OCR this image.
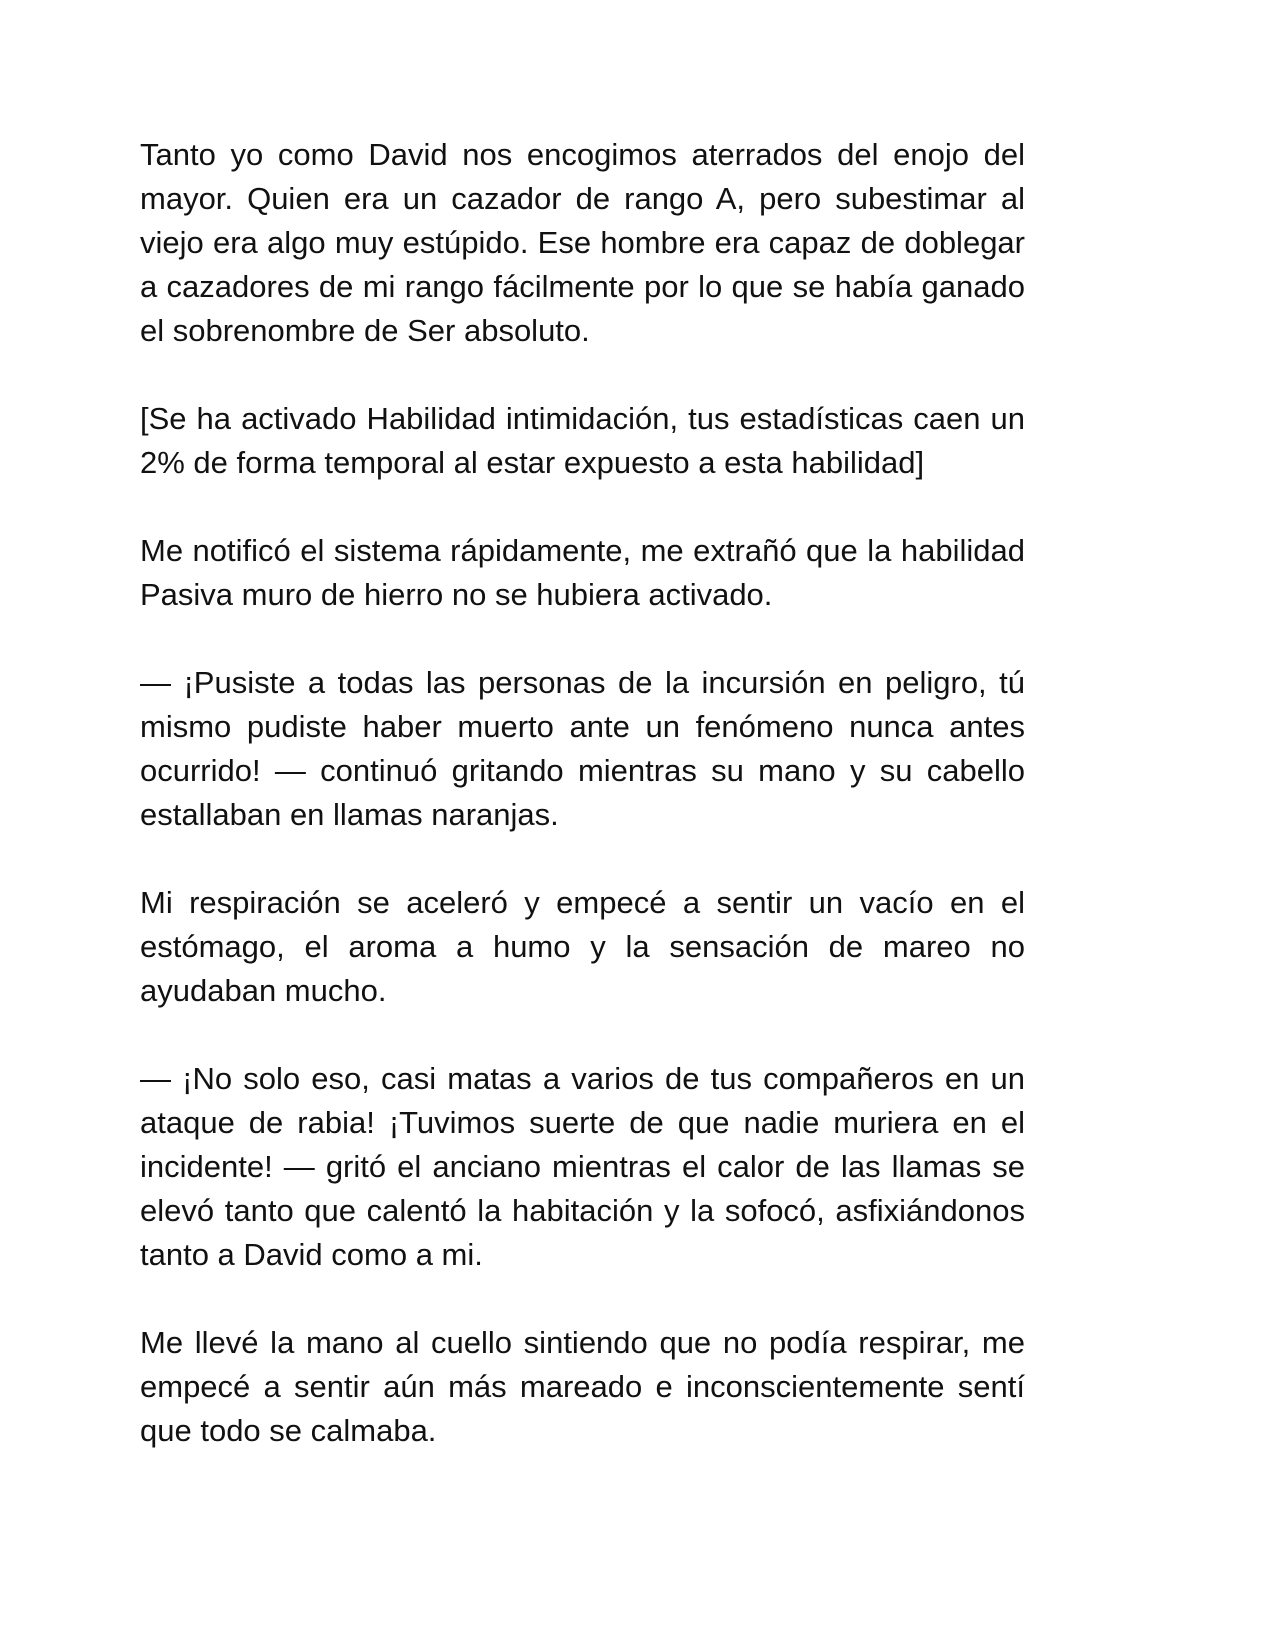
Tanto yo como David nos encogimos aterrados del enojo del mayor. Quien era un cazador de rango A, pero subestimar al viejo era algo muy estúpido. Ese hombre era capaz de doblegar a cazadores de mi rango fácilmente por lo que se había ganado el sobrenombre de Ser absoluto.

[Se ha activado Habilidad intimidación, tus estadísticas caen un 2% de forma temporal al estar expuesto a esta habilidad]

Me notificó el sistema rápidamente, me extrañó que la habilidad Pasiva muro de hierro no se hubiera activado.

— ¡Pusiste a todas las personas de la incursión en peligro, tú mismo pudiste haber muerto ante un fenómeno nunca antes ocurrido! — continuó gritando mientras su mano y su cabello estallaban en llamas naranjas.

Mi respiración se aceleró y empecé a sentir un vacío en el estómago, el aroma a humo y la sensación de mareo no ayudaban mucho.

— ¡No solo eso, casi matas a varios de tus compañeros en un ataque de rabia! ¡Tuvimos suerte de que nadie muriera en el incidente! — gritó el anciano mientras el calor de las llamas se elevó tanto que calentó la habitación y la sofocó, asfixiándonos tanto a David como a mi.

Me llevé la mano al cuello sintiendo que no podía respirar, me empecé a sentir aún más mareado e inconscientemente sentí que todo se calmaba.
